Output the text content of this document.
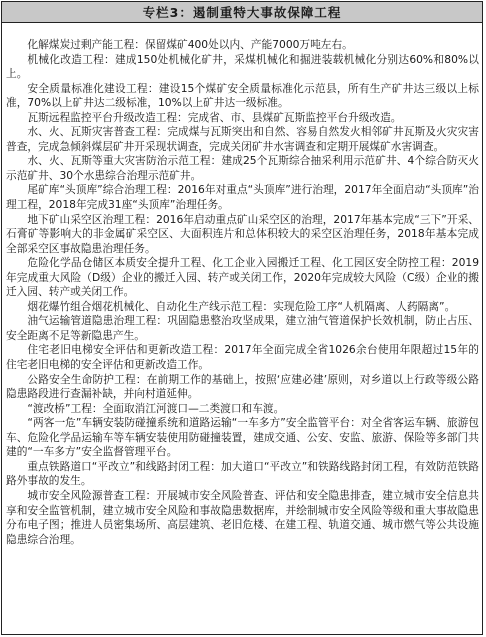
专栏3：遏制重特大事故保障工程

化解煤炭过剩产能工程：保留煤矿400处以内、产能7000万吨左右。

机械化改造工程：建成150处机械化矿井，采煤机械化和掘进装载机械化分别达60%和80%以上。

安全质量标准化建设工程：建设15个煤矿安全质量标准化示范县，所有生产矿井达三级以上标准，70%以上矿井达二级标准，10%以上矿井达一级标准。

瓦斯远程监控平台升级改造工程：完成省、市、县煤矿瓦斯监控平台升级改造。

水、火、瓦斯灾害普查工程：完成煤与瓦斯突出和自然、容易自然发火相邻矿井瓦斯及火灾灾害普查，完成急倾斜煤层矿井开采现状调查，完成关闭矿井水害调查和定期开展煤矿水害调查。

水、火、瓦斯等重大灾害防治示范工程：建成25个瓦斯综合抽采利用示范矿井、4个综合防灭火示范矿井、30个水患综合治理示范矿井。

尾矿库“头顶库”综合治理工程：2016年对重点“头顶库”进行治理，2017年全面启动“头顶库”治理工程，2018年完成31座“头顶库”治理任务。

地下矿山采空区治理工程：2016年启动重点矿山采空区的治理，2017年基本完成“三下”开采、石膏矿等影响大的非金属矿采空区、大面积连片和总体积较大的采空区治理任务，2018年基本完成全部采空区事故隐患治理任务。

危险化学品仓储区本质安全提升工程、化工企业入园搬迁工程、化工园区安全防控工程：2019年完成重大风险（D级）企业的搬迁入园、转产或关闭工作，2020年完成较大风险（C级）企业的搬迁入园、转产或关闭工作。

烟花爆竹组合烟花机械化、自动化生产线示范工程：实现危险工序“人机隔离、人药隔离”。

油气运输管道隐患治理工程：巩固隐患整治攻坚成果，建立油气管道保护长效机制，防止占压、安全距离不足等新隐患产生。

住宅老旧电梯安全评估和更新改造工程：2017年全面完成全省1026余台使用年限超过15年的住宅老旧电梯的安全评估和更新改造工作。

公路安全生命防护工程：在前期工作的基础上，按照‘应建必建’原则，对乡道以上行政等级公路隐患路段进行查漏补缺，并向村道延伸。

“渡改桥”工程：全面取消江河渡口—二类渡口和车渡。

“两客一危”车辆安装防碰撞系统和道路运输“一车多方”安全监管平台：对全省客运车辆、旅游包车、危险化学品运输车等车辆安装使用防碰撞装置，建成交通、公安、安监、旅游、保险等多部门共建的“一车多方”安全监督管理平台。

重点铁路道口“平改立”和线路封闭工程：加大道口“平改立”和铁路线路封闭工程，有效防范铁路路外事故的发生。

城市安全风险源普查工程：开展城市安全风险普查、评估和安全隐患排查，建立城市安全信息共享和安全监管机制，建立城市安全风险和事故隐患数据库，并绘制城市安全风险等级和重大事故隐患分布电子图；推进人员密集场所、高层建筑、老旧危楼、在建工程、轨道交通、城市燃气等公共设施隐患综合治理。
